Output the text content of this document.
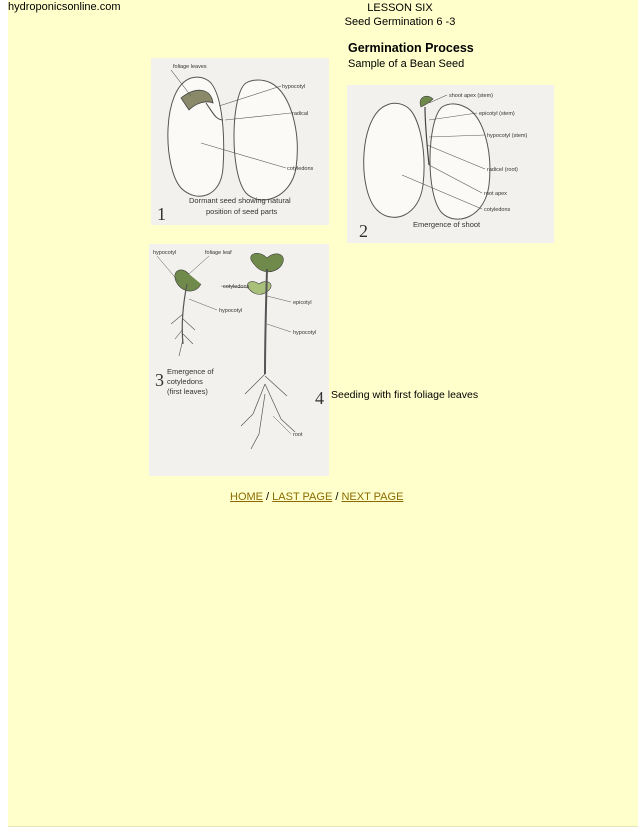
hydroponicsonline.com	LESSON SIX
Seed Germination 6 -3
Germination Process
Sample of a Bean Seed
foliage leaves
hypocotyl
radical
cotyledons
1
Dormant seed showing natural
position of seed parts
shoot apex (stem)
epicotyl (stem)
hypocotyl (stem)
radicel (root)
root apex
cotyledons
2	Emergence of shoot
hypocotyl	foliage leaf
cotyledons
hypocotyl
epicotyl
hypocotyl
root
3
4
Emergence of
cotyledons
(first leaves)	Seeding with first foliage leaves
HOME / LAST PAGE / NEXT PAGE
